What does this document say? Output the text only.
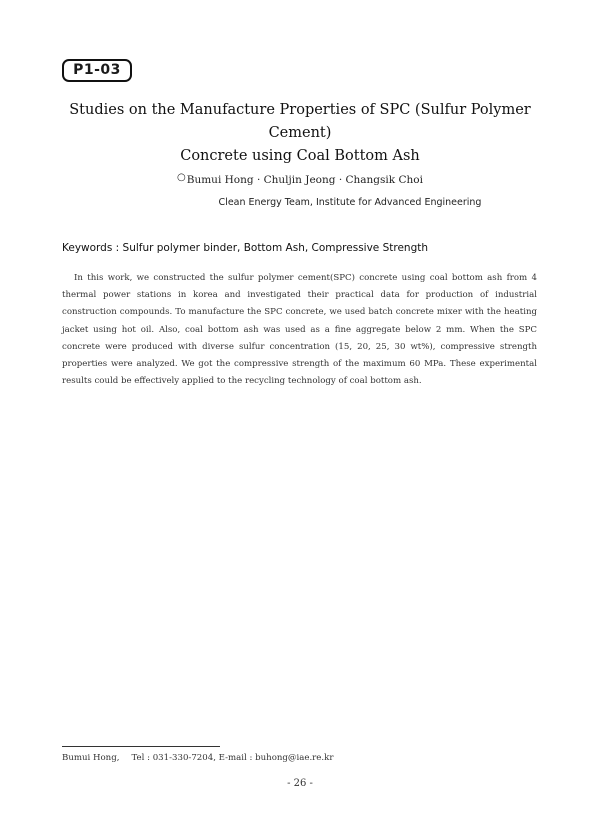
P1-03
Studies on the Manufacture Properties of SPC (Sulfur Polymer Cement)
Concrete using Coal Bottom Ash
○Bumui Hong · Chuljin Jeong · Changsik Choi
Clean Energy Team, Institute for Advanced Engineering
Keywords : Sulfur polymer binder, Bottom Ash, Compressive Strength

In this work, we constructed the sulfur polymer cement(SPC) concrete using coal bottom ash from 4 thermal power stations in korea and investigated their practical data for production of industrial construction compounds. To manufacture the SPC concrete, we used batch concrete mixer with the heating jacket using hot oil. Also, coal bottom ash was used as a fine aggregate below 2 mm. When the SPC concrete were produced with diverse sulfur concentration (15, 20, 25, 30 wt%), compressive strength properties were analyzed. We got the compressive strength of the maximum 60 MPa. These experimental results could be effectively applied to the recycling technology of coal bottom ash.

Bumui Hong, Tel : 031-330-7204, E-mail : buhong@iae.re.kr
- 26 -
